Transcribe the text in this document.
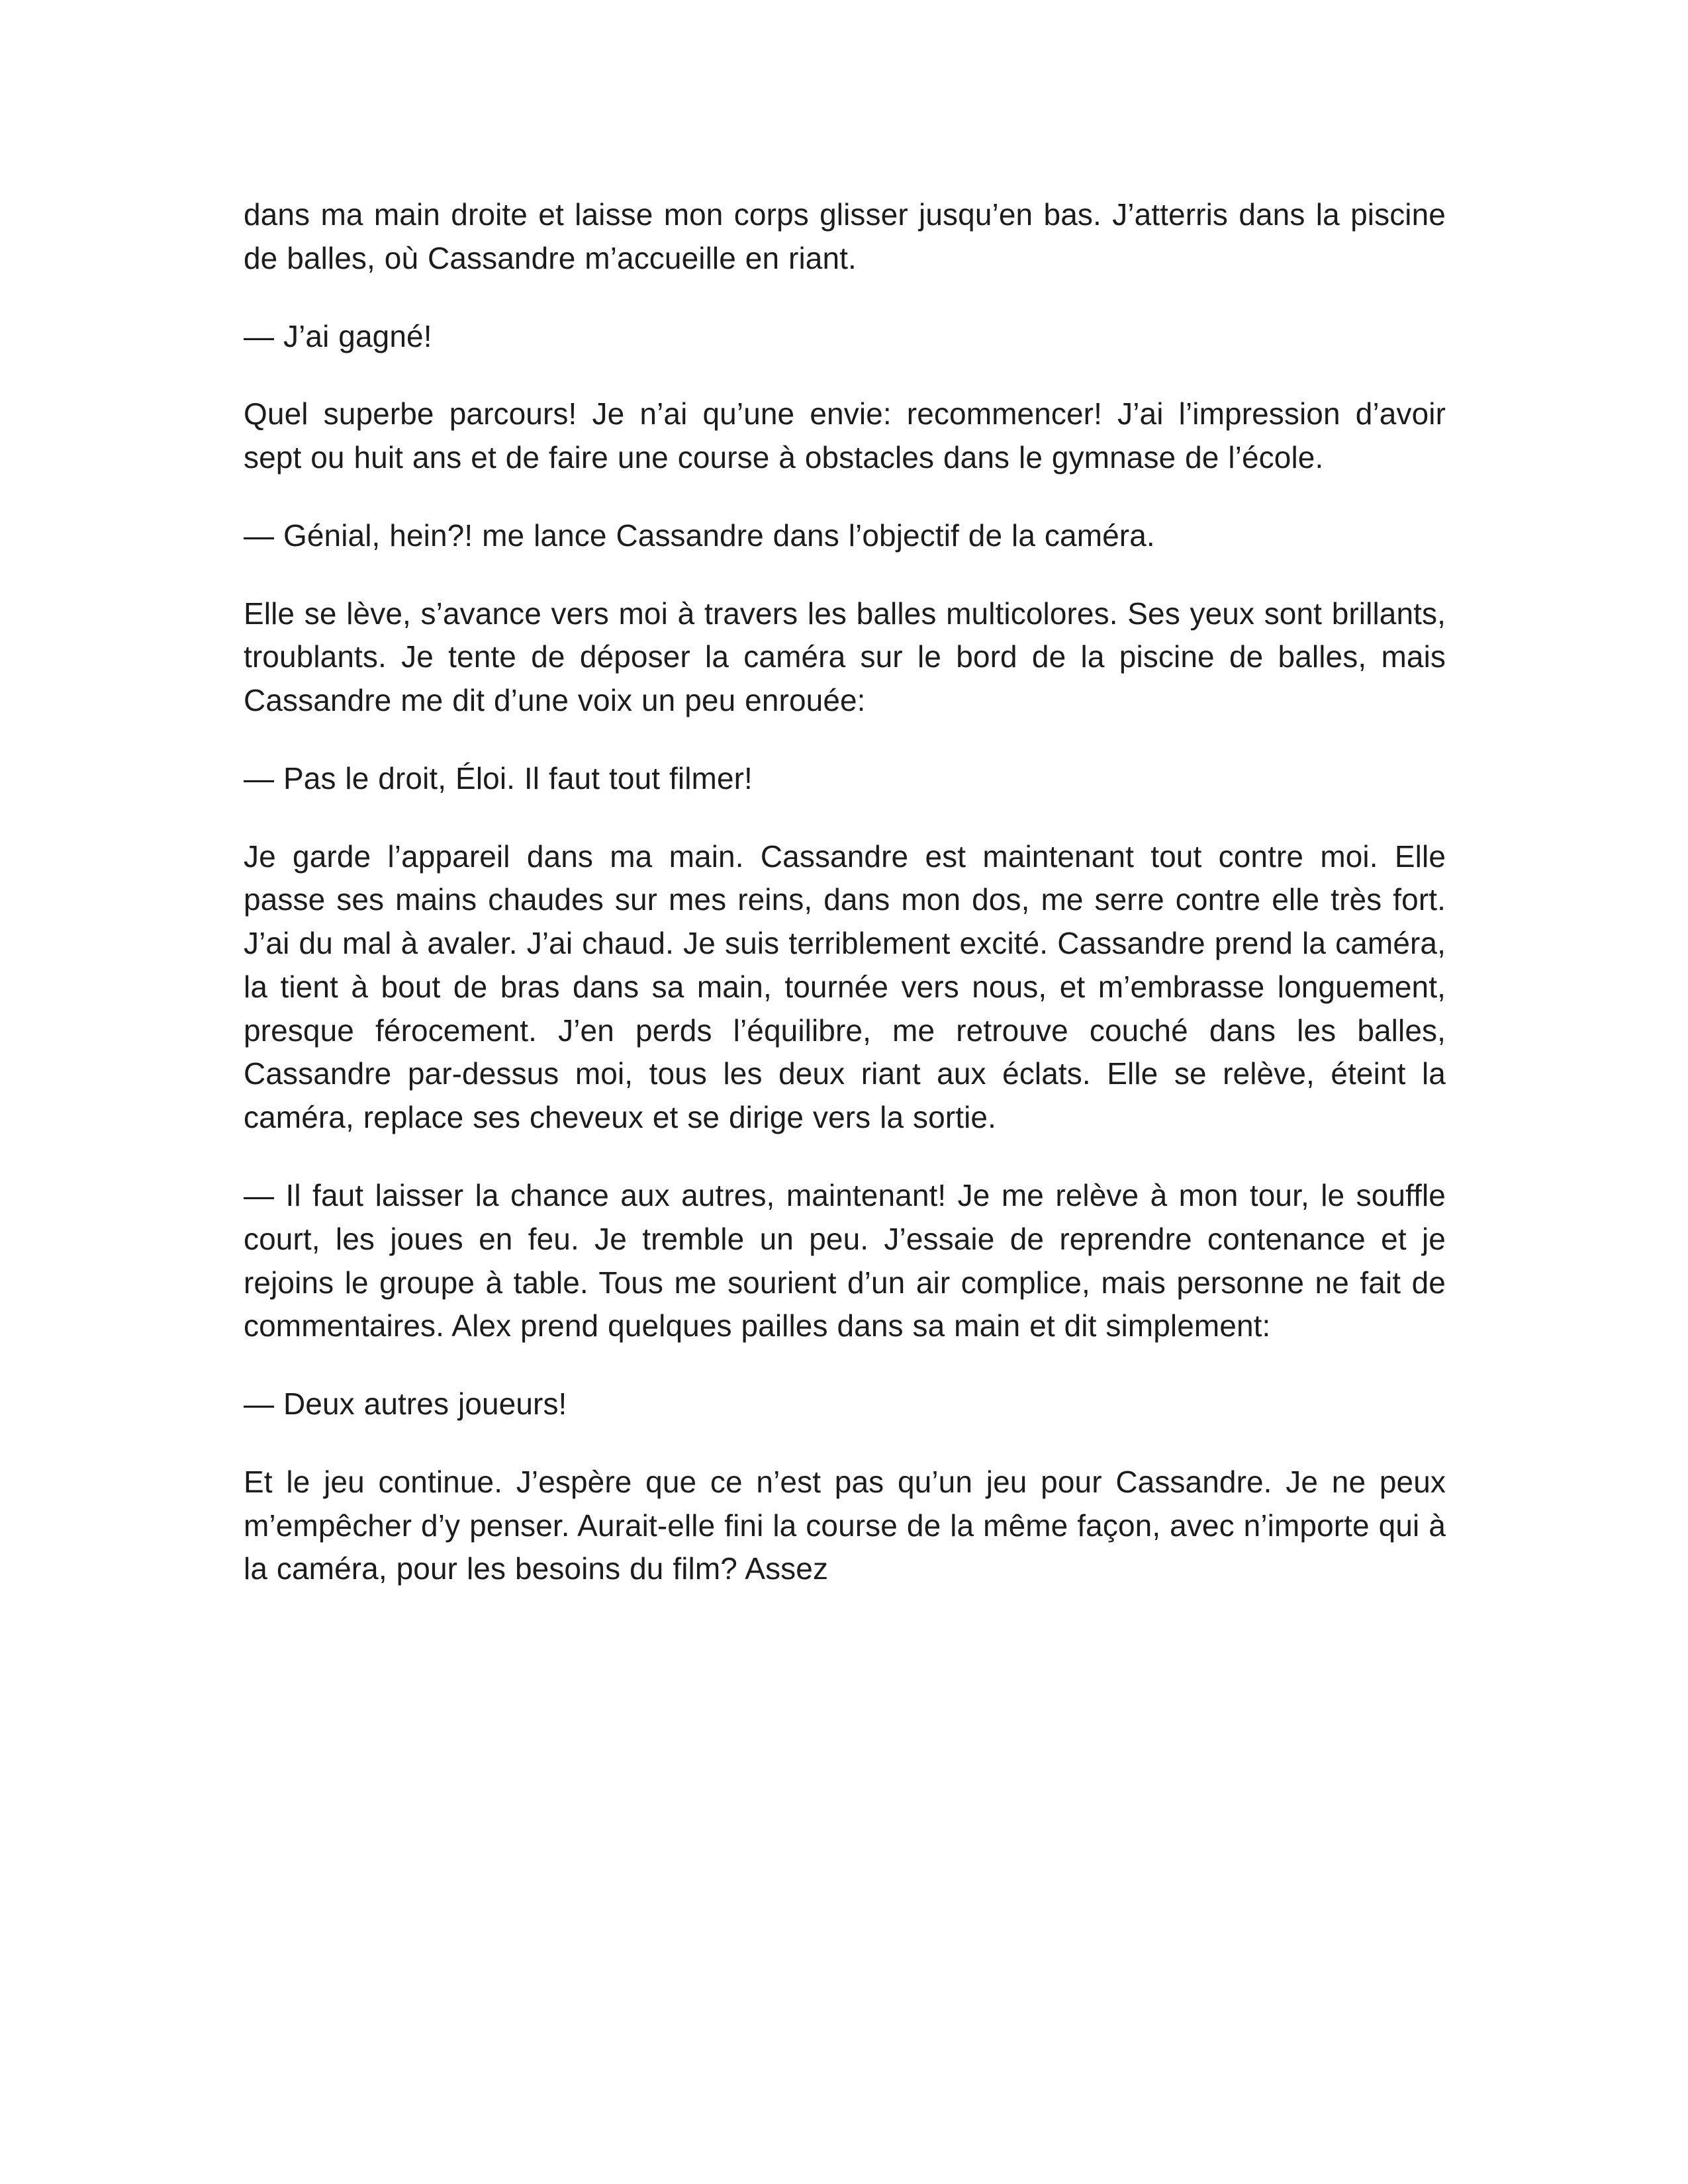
dans ma main droite et laisse mon corps glisser jusqu’en bas. J’atterris dans la piscine de balles, où Cassandre m’accueille en riant.

— J’ai gagné!

Quel superbe parcours! Je n’ai qu’une envie: recommencer! J’ai l’impression d’avoir sept ou huit ans et de faire une course à obstacles dans le gymnase de l’école.

— Génial, hein?! me lance Cassandre dans l’objectif de la caméra.

Elle se lève, s’avance vers moi à travers les balles multicolores. Ses yeux sont brillants, troublants. Je tente de déposer la caméra sur le bord de la piscine de balles, mais Cassandre me dit d’une voix un peu enrouée:

— Pas le droit, Éloi. Il faut tout filmer!

Je garde l’appareil dans ma main. Cassandre est maintenant tout contre moi. Elle passe ses mains chaudes sur mes reins, dans mon dos, me serre contre elle très fort. J’ai du mal à avaler. J’ai chaud. Je suis terriblement excité. Cassandre prend la caméra, la tient à bout de bras dans sa main, tournée vers nous, et m’embrasse longuement, presque férocement. J’en perds l’équilibre, me retrouve couché dans les balles, Cassandre par-dessus moi, tous les deux riant aux éclats. Elle se relève, éteint la caméra, replace ses cheveux et se dirige vers la sortie.

— Il faut laisser la chance aux autres, maintenant! Je me relève à mon tour, le souffle court, les joues en feu. Je tremble un peu. J’essaie de reprendre contenance et je rejoins le groupe à table. Tous me sourient d’un air complice, mais personne ne fait de commentaires. Alex prend quelques pailles dans sa main et dit simplement:

— Deux autres joueurs!

Et le jeu continue. J’espère que ce n’est pas qu’un jeu pour Cassandre. Je ne peux m’empêcher d’y penser. Aurait-elle fini la course de la même façon, avec n’importe qui à la caméra, pour les besoins du film? Assez
